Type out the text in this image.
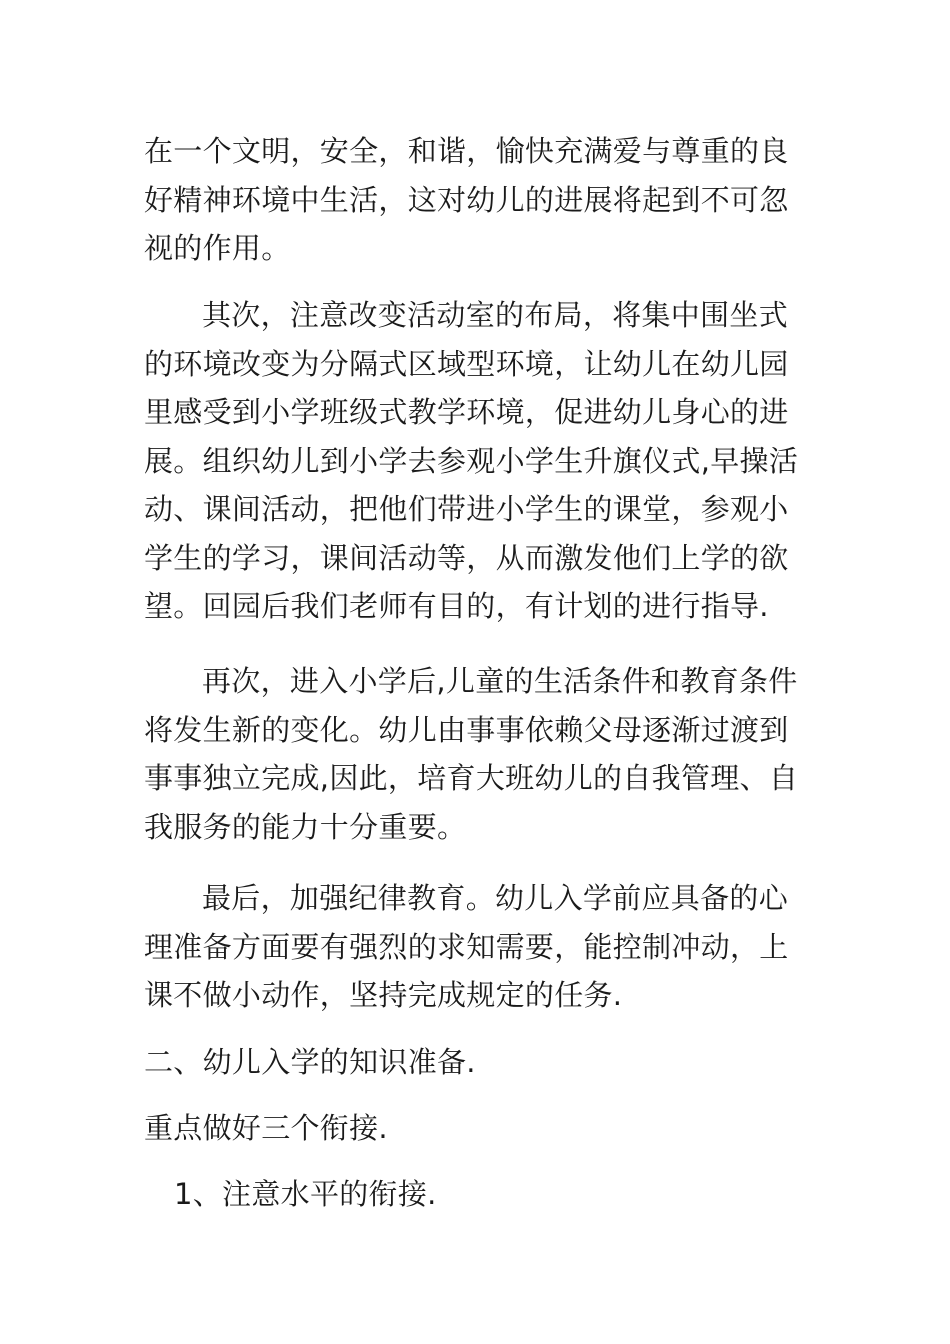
在一个文明，安全，和谐，愉快充满爱与尊重的良好精神环境中生活，这对幼儿的进展将起到不可忽视的作用。

其次，注意改变活动室的布局，将集中围坐式的环境改变为分隔式区域型环境，让幼儿在幼儿园里感受到小学班级式教学环境，促进幼儿身心的进展。组织幼儿到小学去参观小学生升旗仪式,早操活动、课间活动，把他们带进小学生的课堂，参观小学生的学习，课间活动等，从而激发他们上学的欲望。回园后我们老师有目的，有计划的进行指导.

再次，进入小学后,儿童的生活条件和教育条件将发生新的变化。幼儿由事事依赖父母逐渐过渡到事事独立完成,因此，培育大班幼儿的自我管理、自我服务的能力十分重要。

最后，加强纪律教育。幼儿入学前应具备的心理准备方面要有强烈的求知需要，能控制冲动，上课不做小动作，坚持完成规定的任务.

二、幼儿入学的知识准备.

重点做好三个衔接.

1、注意水平的衔接.
